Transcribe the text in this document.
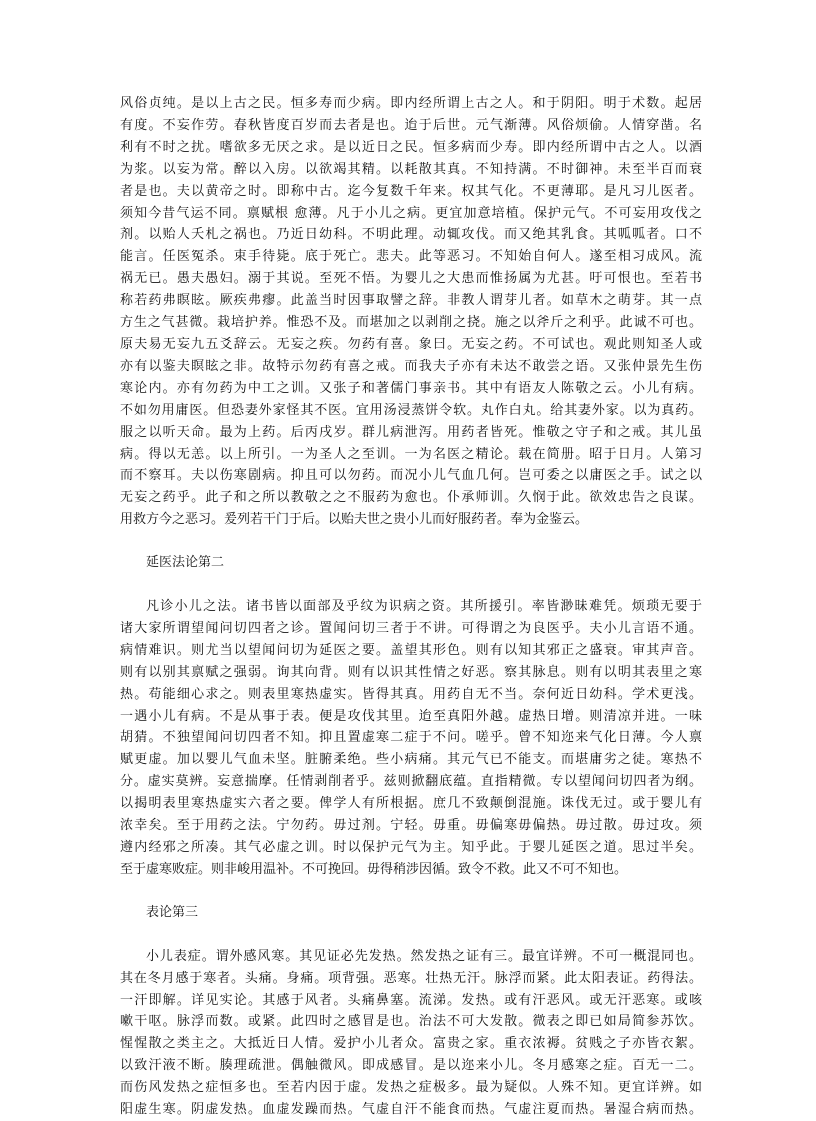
风俗贞纯。是以上古之民。恒多寿而少病。即内经所谓上古之人。和于阴阳。明于术数。起居
有度。不妄作劳。春秋皆度百岁而去者是也。迨于后世。元气渐薄。风俗烦偷。人情穿凿。名
利有不时之扰。嗜欲多无厌之求。是以近日之民。恒多病而少寿。即内经所谓中古之人。以酒
为浆。以妄为常。醉以入房。以欲竭其精。以耗散其真。不知持满。不时御神。未至半百而衰
者是也。夫以黄帝之时。即称中古。迄今复数千年来。权其气化。不更薄耶。是凡习儿医者。
须知今昔气运不同。禀赋根 愈薄。凡于小儿之病。更宜加意培植。保护元气。不可妄用攻伐之
剂。以贻人夭札之祸也。乃近日幼科。不明此理。动辄攻伐。而又绝其乳食。其呱呱者。口不
能言。任医冤杀。束手待毙。底于死亡。悲夫。此等恶习。不知始自何人。遂至相习成风。流
祸无已。愚夫愚妇。溺于其说。至死不悟。为婴儿之大患而惟扬属为尤甚。吁可恨也。至若书
称若药弗瞑眩。厥疾弗瘳。此盖当时因事取譬之辞。非教人谓芽儿者。如草木之萌芽。其一点
方生之气甚微。栽培护养。惟恐不及。而堪加之以剥削之挠。施之以斧斤之利乎。此诚不可也。
原夫易无妄九五爻辞云。无妄之疾。勿药有喜。象曰。无妄之药。不可试也。观此则知圣人或
亦有以鉴夫瞑眩之非。故特示勿药有喜之戒。而我夫子亦有未达不敢尝之语。又张仲景先生伤
寒论内。亦有勿药为中工之训。又张子和著儒门事亲书。其中有语友人陈敬之云。小儿有病。
不如勿用庸医。但恐妻外家怪其不医。宜用汤浸蒸饼令软。丸作白丸。给其妻外家。以为真药。
服之以听天命。最为上药。后丙戌岁。群儿病泄泻。用药者皆死。惟敬之守子和之戒。其儿虽
病。得以无恙。以上所引。一为圣人之至训。一为名医之精论。载在简册。昭于日月。人第习
而不察耳。夫以伤寒剧病。抑且可以勿药。而况小儿气血几何。岂可委之以庸医之手。试之以
无妄之药乎。此子和之所以教敬之之不服药为愈也。仆承师训。久悯于此。欲效忠告之良谋。
用救方今之恶习。爰列若干门于后。以贻夫世之贵小儿而好服药者。奉为金鉴云。

延医法论第二

凡诊小儿之法。诸书皆以面部及乎纹为识病之资。其所援引。率皆渺昧难凭。烦琐无要于
诸大家所谓望闻问切四者之诊。置闻问切三者于不讲。可得谓之为良医乎。夫小儿言语不通。
病情难识。则尤当以望闻问切为延医之要。盖望其形色。则有以知其邪正之盛衰。审其声音。
则有以别其禀赋之强弱。询其向背。则有以识其性情之好恶。察其脉息。则有以明其表里之寒
热。苟能细心求之。则表里寒热虚实。皆得其真。用药自无不当。奈何近日幼科。学术更浅。
一遇小儿有病。不是从事于表。便是攻伐其里。迨至真阳外越。虚热日增。则清凉并进。一味
胡猜。不独望闻问切四者不知。抑且置虚寒二症于不问。嗟乎。曾不知迩来气化日薄。今人禀
赋更虚。加以婴儿气血未坚。脏腑柔绝。些小病痛。其元气已不能支。而堪庸劣之徒。寒热不
分。虚实莫辨。妄意揣摩。任情剥削者乎。兹则掀翻底蕴。直指精微。专以望闻问切四者为纲。
以揭明表里寒热虚实六者之要。俾学人有所根据。庶几不致颠倒混施。诛伐无过。或于婴儿有
浓幸矣。至于用药之法。宁勿药。毋过剂。宁轻。毋重。毋偏寒毋偏热。毋过散。毋过攻。须
遵内经邪之所凑。其气必虚之训。时以保护元气为主。知乎此。于婴儿延医之道。思过半矣。
至于虚寒败症。则非峻用温补。不可挽回。毋得稍涉因循。致令不救。此又不可不知也。

表论第三

小儿表症。谓外感风寒。其见证必先发热。然发热之证有三。最宜详辨。不可一概混同也。
其在冬月感于寒者。头痛。身痛。项背强。恶寒。壮热无汗。脉浮而紧。此太阳表证。药得法。
一汗即解。详见实论。其感于风者。头痛鼻塞。流涕。发热。或有汗恶风。或无汗恶寒。或咳
嗽干呕。脉浮而数。或紧。此四时之感冒是也。治法不可大发散。微表之即已如局简参苏饮。
惺惺散之类主之。大抵近日人情。爱护小儿者众。富贵之家。重衣浓褥。贫贱之子亦皆衣絮。
以致汗液不断。腠理疏泄。偶触微风。即成感冒。是以迩来小儿。冬月感寒之症。百无一二。
而伤风发热之症恒多也。至若内因于虚。发热之症极多。最为疑似。人殊不知。更宜详辨。如
阳虚生寒。阴虚发热。血虚发躁而热。气虚自汗不能食而热。气虚注夏而热。暑湿合病而热。
